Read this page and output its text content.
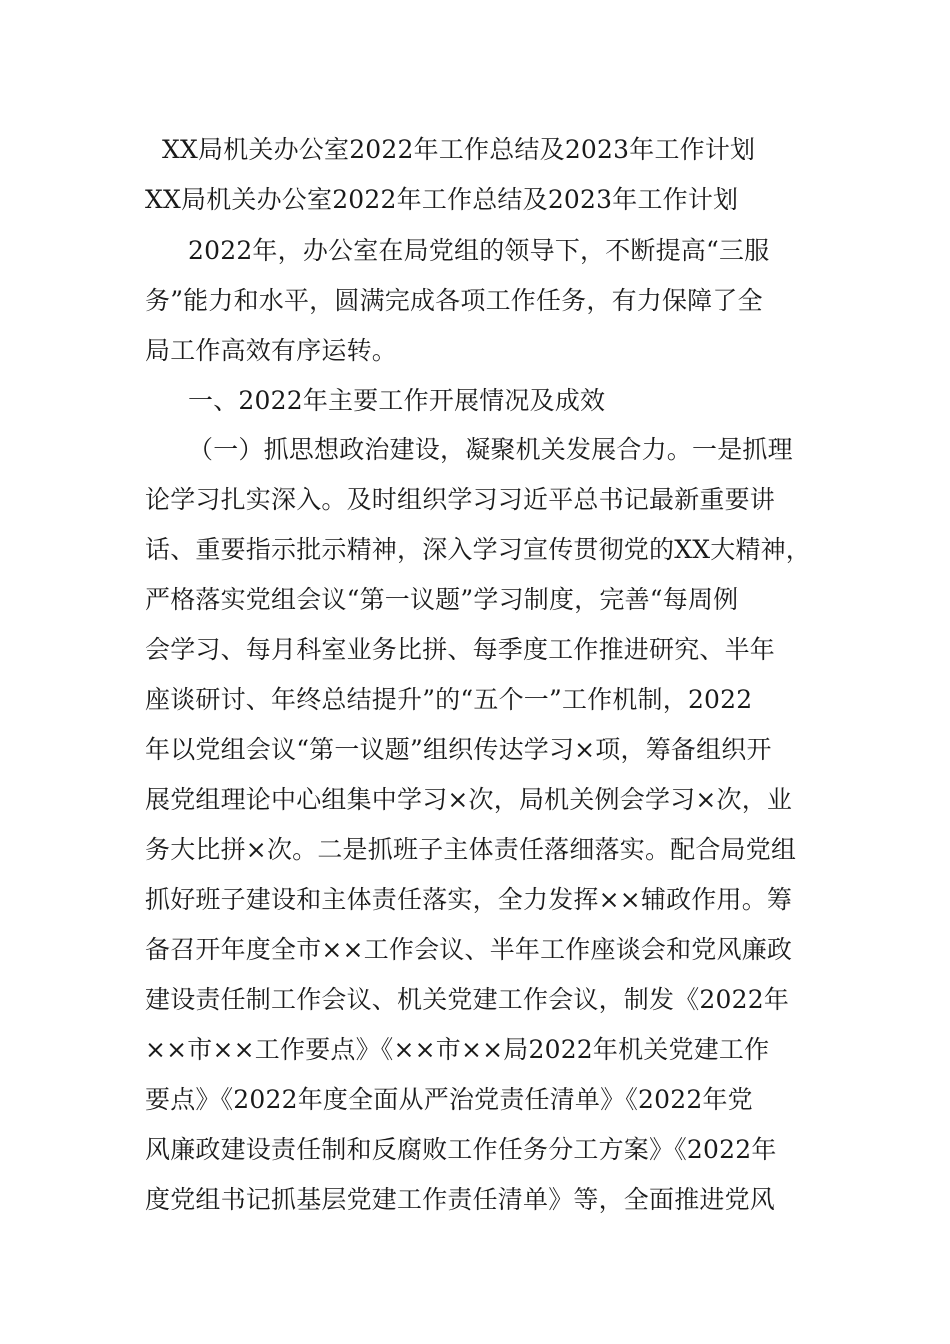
XX局机关办公室2022年工作总结及2023年工作计划
XX局机关办公室2022年工作总结及2023年工作计划
2022年，办公室在局党组的领导下，不断提高“三服
务”能力和水平，圆满完成各项工作任务，有力保障了全
局工作高效有序运转。
一、2022年主要工作开展情况及成效
（一）抓思想政治建设，凝聚机关发展合力。一是抓理
论学习扎实深入。及时组织学习习近平总书记最新重要讲
话、重要指示批示精神，深入学习宣传贯彻党的XX大精神，
严格落实党组会议“第一议题”学习制度，完善“每周例
会学习、每月科室业务比拼、每季度工作推进研究、半年
座谈研讨、年终总结提升”的“五个一”工作机制，2022
年以党组会议“第一议题”组织传达学习×项，筹备组织开
展党组理论中心组集中学习×次，局机关例会学习×次，业
务大比拼×次。二是抓班子主体责任落细落实。配合局党组
抓好班子建设和主体责任落实，全力发挥××辅政作用。筹
备召开年度全市××工作会议、半年工作座谈会和党风廉政
建设责任制工作会议、机关党建工作会议，制发《2022年
××市××工作要点》《××市××局2022年机关党建工作
要点》《2022年度全面从严治党责任清单》《2022年党
风廉政建设责任制和反腐败工作任务分工方案》《2022年
度党组书记抓基层党建工作责任清单》等，全面推进党风
